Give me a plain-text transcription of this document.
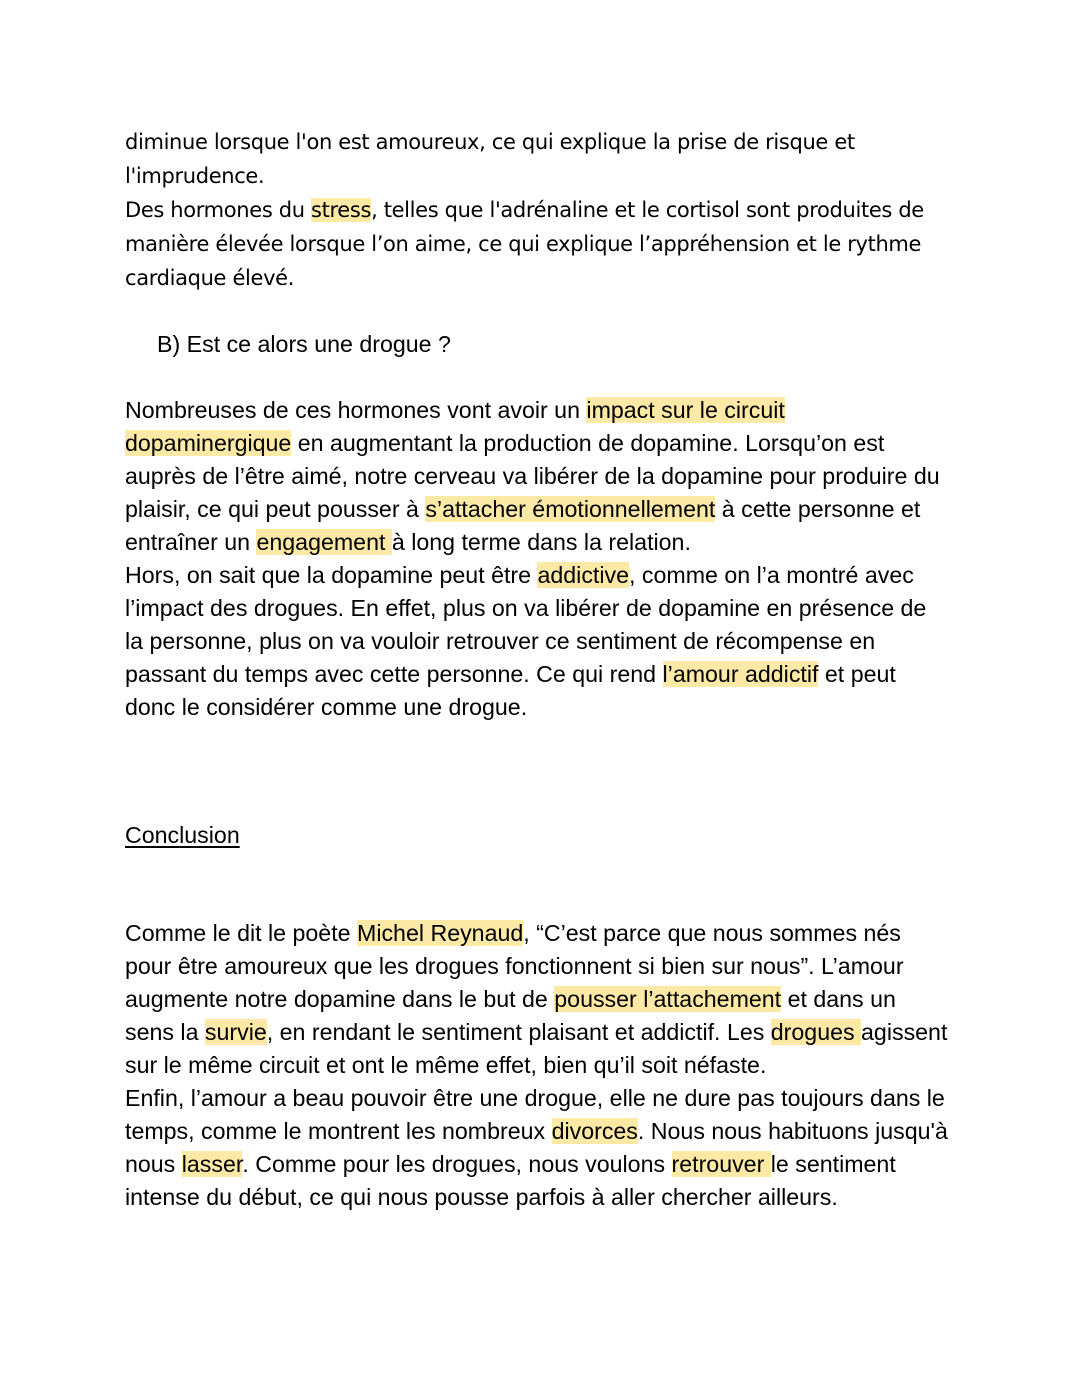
diminue lorsque l'on est amoureux, ce qui explique la prise de risque et
l'imprudence.
Des hormones du stress, telles que l'adrénaline et le cortisol sont produites de
manière élevée lorsque l’on aime, ce qui explique l’appréhension et le rythme
cardiaque élevé.

B) Est ce alors une drogue ?

Nombreuses de ces hormones vont avoir un impact sur le circuit
dopaminergique en augmentant la production de dopamine. Lorsqu’on est
auprès de l’être aimé, notre cerveau va libérer de la dopamine pour produire du
plaisir, ce qui peut pousser à s’attacher émotionnellement à cette personne et
entraîner un engagement à long terme dans la relation.
Hors, on sait que la dopamine peut être addictive, comme on l’a montré avec
l’impact des drogues. En effet, plus on va libérer de dopamine en présence de
la personne, plus on va vouloir retrouver ce sentiment de récompense en
passant du temps avec cette personne. Ce qui rend l’amour addictif et peut
donc le considérer comme une drogue.

Conclusion

Comme le dit le poète Michel Reynaud, “C’est parce que nous sommes nés
pour être amoureux que les drogues fonctionnent si bien sur nous”. L’amour
augmente notre dopamine dans le but de pousser l’attachement et dans un
sens la survie, en rendant le sentiment plaisant et addictif. Les drogues agissent
sur le même circuit et ont le même effet, bien qu’il soit néfaste.
Enfin, l’amour a beau pouvoir être une drogue, elle ne dure pas toujours dans le
temps, comme le montrent les nombreux divorces. Nous nous habituons jusqu'à
nous lasser. Comme pour les drogues, nous voulons retrouver le sentiment
intense du début, ce qui nous pousse parfois à aller chercher ailleurs.
